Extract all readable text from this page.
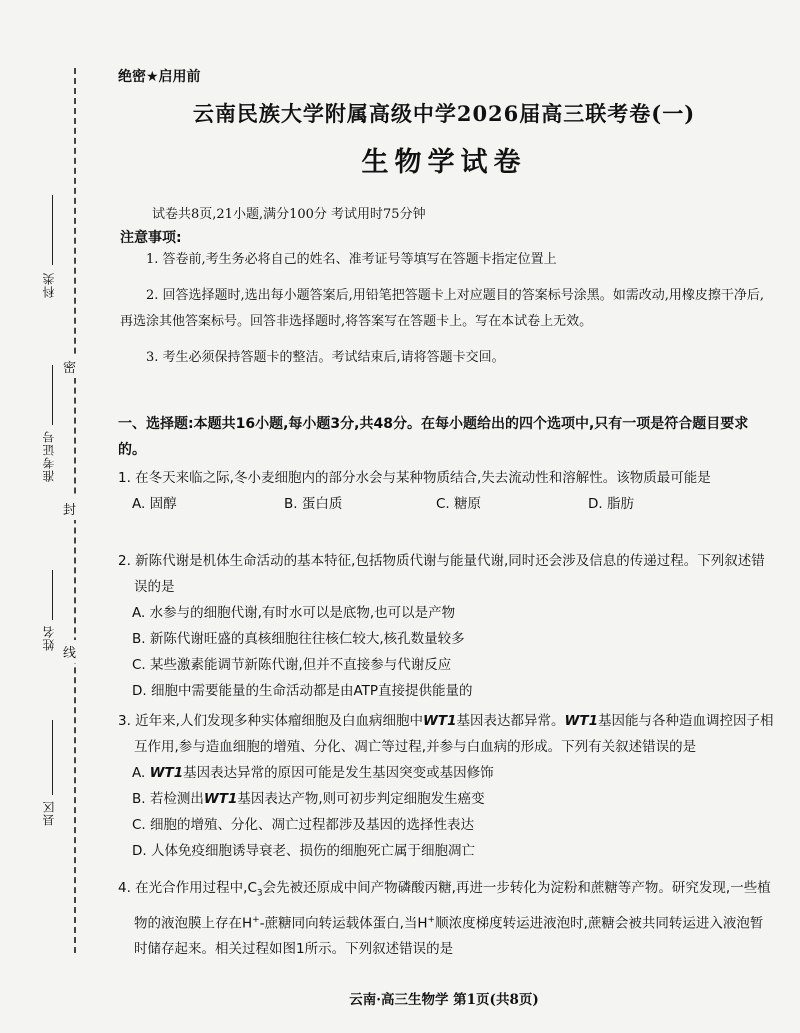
科类
准考证号
姓名
县区
密
封
线
绝密★启用前
云南民族大学附属高级中学2026届高三联考卷(一)
生物学试卷
试卷共8页,21小题,满分100分 考试用时75分钟
注意事项:

1. 答卷前,考生务必将自己的姓名、准考证号等填写在答题卡指定位置上

2. 回答选择题时,选出每小题答案后,用铅笔把答题卡上对应题目的答案标号涂黑。如需改动,用橡皮擦干净后,再选涂其他答案标号。回答非选择题时,将答案写在答题卡上。写在本试卷上无效。

3. 考生必须保持答题卡的整洁。考试结束后,请将答题卡交回。

一、选择题:本题共16小题,每小题3分,共48分。在每小题给出的四个选项中,只有一项是符合题目要求的。

1. 在冬天来临之际,冬小麦细胞内的部分水会与某种物质结合,失去流动性和溶解性。该物质最可能是

A. 固醇	B. 蛋白质	C. 糖原	D. 脂肪

2. 新陈代谢是机体生命活动的基本特征,包括物质代谢与能量代谢,同时还会涉及信息的传递过程。下列叙述错误的是

A. 水参与的细胞代谢,有时水可以是底物,也可以是产物

B. 新陈代谢旺盛的真核细胞往往核仁较大,核孔数量较多

C. 某些激素能调节新陈代谢,但并不直接参与代谢反应

D. 细胞中需要能量的生命活动都是由ATP直接提供能量的

3. 近年来,人们发现多种实体瘤细胞及白血病细胞中WT1基因表达都异常。WT1基因能与各种造血调控因子相互作用,参与造血细胞的增殖、分化、凋亡等过程,并参与白血病的形成。下列有关叙述错误的是

A. WT1基因表达异常的原因可能是发生基因突变或基因修饰

B. 若检测出WT1基因表达产物,则可初步判定细胞发生癌变

C. 细胞的增殖、分化、凋亡过程都涉及基因的选择性表达

D. 人体免疫细胞诱导衰老、损伤的细胞死亡属于细胞凋亡

4. 在光合作用过程中$,C_3$会先被还原成中间产物磷酸丙糖,再进一步转化为淀粉和蔗糖等产物。研究发现,一些植物的液泡膜上存在H+-蔗糖同向转运载体蛋白,当H+顺浓度梯度转运进液泡时,蔗糖会被共同转运进入液泡暂时储存起来。相关过程如图1所示。下列叙述错误的是

云南·高三生物学 第1页(共8页)
